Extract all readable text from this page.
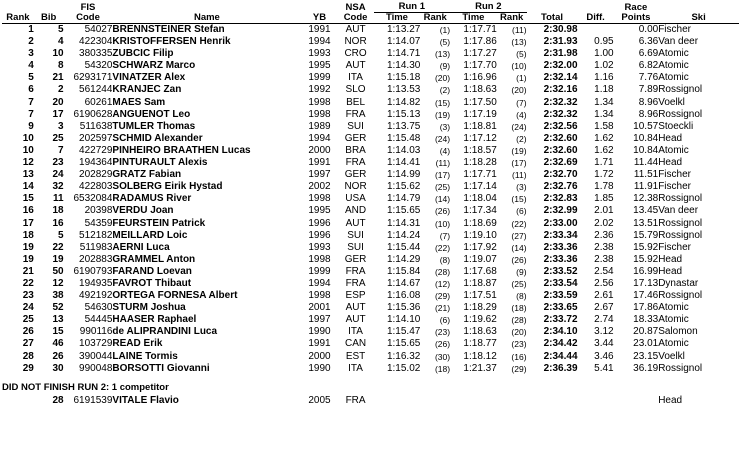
Rank	Bib	FIS
Code	Name	YB	NSA
Code	Run 1		Run 2		Total	Diff.	Race
Points	Ski
						Time	Rank	Time	Rank				
1	5	54027	BRENNSTEINER Stefan	1991	AUT	1:13.27	(1)	1:17.71	(11)	2:30.98		0.00	Fischer
2	4	422304	KRISTOFFERSEN Henrik	1994	NOR	1:14.07	(5)	1:17.86	(13)	2:31.93	0.95	6.36	Van deer
3	10	380335	ZUBCIC Filip	1993	CRO	1:14.71	(13)	1:17.27	(5)	2:31.98	1.00	6.69	Atomic
4	8	54320	SCHWARZ Marco	1995	AUT	1:14.30	(9)	1:17.70	(10)	2:32.00	1.02	6.82	Atomic
5	21	6293171	VINATZER Alex	1999	ITA	1:15.18	(20)	1:16.96	(1)	2:32.14	1.16	7.76	Atomic
6	2	561244	KRANJEC Zan	1992	SLO	1:13.53	(2)	1:18.63	(20)	2:32.16	1.18	7.89	Rossignol
7	20	60261	MAES Sam	1998	BEL	1:14.82	(15)	1:17.50	(7)	2:32.32	1.34	8.96	Voelkl
7	17	6190628	ANGUENOT Leo	1998	FRA	1:15.13	(19)	1:17.19	(4)	2:32.32	1.34	8.96	Rossignol
9	3	511638	TUMLER Thomas	1989	SUI	1:13.75	(3)	1:18.81	(24)	2:32.56	1.58	10.57	Stoeckli
10	25	202597	SCHMID Alexander	1994	GER	1:15.48	(24)	1:17.12	(2)	2:32.60	1.62	10.84	Head
10	7	422729	PINHEIRO BRAATHEN Lucas	2000	BRA	1:14.03	(4)	1:18.57	(19)	2:32.60	1.62	10.84	Atomic
12	23	194364	PINTURAULT Alexis	1991	FRA	1:14.41	(11)	1:18.28	(17)	2:32.69	1.71	11.44	Head
13	24	202829	GRATZ Fabian	1997	GER	1:14.99	(17)	1:17.71	(11)	2:32.70	1.72	11.51	Fischer
14	32	422803	SOLBERG Eirik Hystad	2002	NOR	1:15.62	(25)	1:17.14	(3)	2:32.76	1.78	11.91	Fischer
15	11	6532084	RADAMUS River	1998	USA	1:14.79	(14)	1:18.04	(15)	2:32.83	1.85	12.38	Rossignol
16	18	20398	VERDU Joan	1995	AND	1:15.65	(26)	1:17.34	(6)	2:32.99	2.01	13.45	Van deer
17	16	54359	FEURSTEIN Patrick	1996	AUT	1:14.31	(10)	1:18.69	(22)	2:33.00	2.02	13.51	Rossignol
18	5	512182	MEILLARD Loic	1996	SUI	1:14.24	(7)	1:19.10	(27)	2:33.34	2.36	15.79	Rossignol
19	22	511983	AERNI Luca	1993	SUI	1:15.44	(22)	1:17.92	(14)	2:33.36	2.38	15.92	Fischer
19	19	202883	GRAMMEL Anton	1998	GER	1:14.29	(8)	1:19.07	(26)	2:33.36	2.38	15.92	Head
21	50	6190793	FARAND Loevan	1999	FRA	1:15.84	(28)	1:17.68	(9)	2:33.52	2.54	16.99	Head
22	12	194935	FAVROT Thibaut	1994	FRA	1:14.67	(12)	1:18.87	(25)	2:33.54	2.56	17.13	Dynastar
23	38	492192	ORTEGA FORNESA Albert	1998	ESP	1:16.08	(29)	1:17.51	(8)	2:33.59	2.61	17.46	Rossignol
24	52	54630	STURM Joshua	2001	AUT	1:15.36	(21)	1:18.29	(18)	2:33.65	2.67	17.86	Atomic
25	13	54445	HAASER Raphael	1997	AUT	1:14.10	(6)	1:19.62	(28)	2:33.72	2.74	18.33	Atomic
26	15	990116	de ALIPRANDINI Luca	1990	ITA	1:15.47	(23)	1:18.63	(20)	2:34.10	3.12	20.87	Salomon
27	46	103729	READ Erik	1991	CAN	1:15.65	(26)	1:18.77	(23)	2:34.42	3.44	23.01	Atomic
28	26	390044	LAINE Tormis	2000	EST	1:16.32	(30)	1:18.12	(16)	2:34.44	3.46	23.15	Voelkl
29	30	990048	BORSOTTI Giovanni	1990	ITA	1:15.02	(18)	1:21.37	(29)	2:36.39	5.41	36.19	Rossignol
DID NOT FINISH RUN 2: 1 competitor
	28	6191539	VITALE Flavio	2005	FRA								Head
